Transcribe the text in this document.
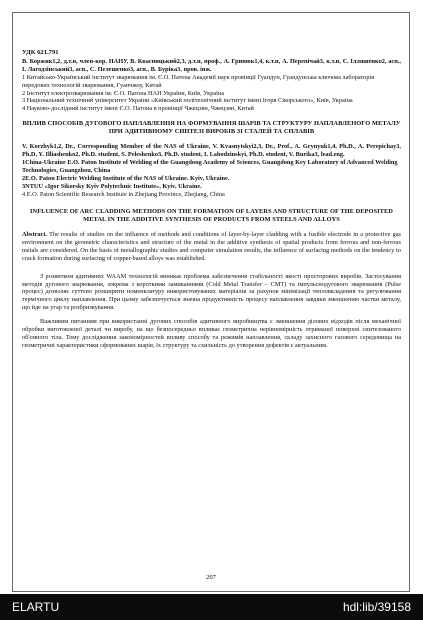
УДК 621.791
В. Коржик1,2, д.т.н, член-кор. НАНУ, В. Квасницький2,3, д.т.н, проф., А. Гринюк1,4, к.т.н, А. Перепічай3, к.т.н, Є. Ілляшенко2, асп., І. Лагодзінський3, асп., С. Пелешенко3, асп., В. Бурікa3, пров. інж.
1 Китайсько-Український інститут зварювання ім. Є.О. Патона Академії наук провінції Гуандун, Гуандунська ключова лабораторія передових технологій зварювання, Гуанчжоу, Китай
2 Інститут електрозварювання ім. Є.О. Патона НАН України, Київ, Україна
3 Національний технічний університет України «Київський політехнічний інститут імені Ігоря Сікорського», Київ, Україна
4 Науково-дослідний інститут імені Є.О. Патона в провінції Чжецзян, Чжецзян, Китай
ВПЛИВ СПОСОБІВ ДУГОВОГО НАПЛАВЛЕННЯ НА ФОРМУВАННЯ ШАРІВ ТА СТРУКТУРУ НАПЛАВЛЕНОГО МЕТАЛУ ПРИ АДИТИВНОМУ СИНТЕЗІ ВИРОБІВ ЗІ СТАЛЕЙ ТА СПЛАВІВ
V. Korzhyk1,2, Dr., Corresponding Member of the NAS of Ukraine, V. Kvasnytskyi2,3, Dr., Prof., A. Grynyuk1,4, Ph.D., A. Perepichay3, Ph.D, Y. Illiashenko2, Ph.D. student, S. Peleshenko3, Ph.D. student, I. Lahodzinskyi, Ph.D. student, V. Burika3, lead.eng.
1China-Ukraine E.O. Paton Institute of Welding of the Guangdong Academy of Sciences, Guangdong Key Laboratory of Advanced Welding Technologies, Guangzhou, China
2E.O. Paton Electric Welding Institute of the NAS of Ukraine. Kyiv, Ukraine.
3NTUU «Igor Sikorsky Kyiv Polytechnic Institute», Kyiv, Ukraine.
4 E.O. Paton Scientific Research Institute in Zhejiang Province, Zhejiang, China
INFLUENCE OF ARC CLADDING METHODS ON THE FORMATION OF LAYERS AND STRUCTURE OF THE DEPOSITED METAL IN THE ADDITIVE SYNTHESIS OF PRODUCTS FROM STEELS AND ALLOYS
Abstract. The results of studies on the influence of methods and conditions of layer-by-layer cladding with a fusible electrode in a protective gas environment on the geometric characteristics and structure of the metal in the additive synthesis of spatial products from ferrous and non-ferrous metals are considered. On the basis of metallographic studies and computer simulation results, the influence of surfacing methods on the tendency to crack formation during surfacing of copper-based alloys was established.
З розвитком адитивних WAAM технологій виникає проблема забезпечення стабільності якості просторових виробів. Застосування методів дугового зварювання, зокрема з короткими замиканнями (Cold Metal Transfer – CMT) та імпульснодугового зварювання (Pulse процес) дозволяє суттєво розширити номенклатуру використовуваних матеріалів за рахунок мінімізації тепловкладення та регулювання термічного циклу наплавлення. При цьому забезпечується значна продуктивність процесу наплавлення завдяки зменшенню частки металу, що йде на угар та розбризкування.
Важливим питанням при використанні дугових способів адитивного виробництва є зменшення ділових відходів після механічної обробки виготовленої деталі чи виробу, на що безпосередньо впливає геометрична нерівномірність отриманої поверхні синтезованого об'ємного тіла. Тому дослідження закономірностей впливу способу та режимів наплавлення, складу захисного газового середовища на геометричні характеристики сформованих шарів, їх структуру та схильність до утворення дефектів є актуальним.
207
ELARTU	hdl:lib/39158
